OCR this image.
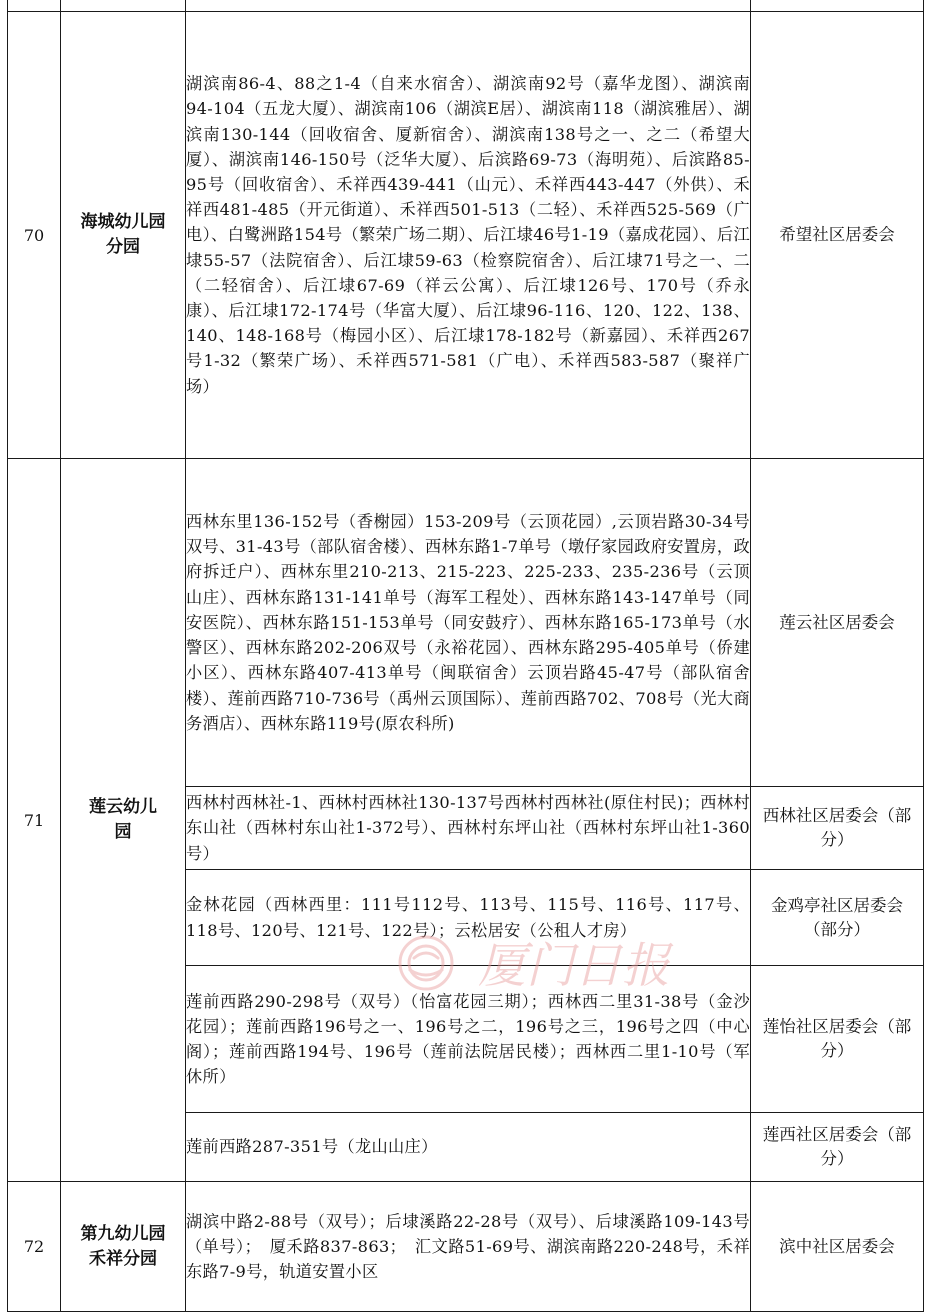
70	海城幼儿园分园	湖滨南86-4、88之1-4（自来水宿舍）、湖滨南92号（嘉华龙图）、湖滨南94-104（五龙大厦）、湖滨南106（湖滨E居）、湖滨南118（湖滨雅居）、湖滨南130-144（回收宿舍、厦新宿舍）、湖滨南138号之一、之二（希望大厦）、湖滨南146-150号（泛华大厦）、后滨路69-73（海明苑）、后滨路85-95号（回收宿舍）、禾祥西439-441（山元）、禾祥西443-447（外供）、禾祥西481-485（开元街道）、禾祥西501-513（二轻）、禾祥西525-569（广电）、白鹭洲路154号（繁荣广场二期）、后江埭46号1-19（嘉成花园）、后江埭55-57（法院宿舍）、后江埭59-63（检察院宿舍）、后江埭71号之一、二（二轻宿舍）、后江埭67-69（祥云公寓）、后江埭126号、170号（乔永康）、后江埭172-174号（华富大厦）、后江埭96-116、120、122、138、140、148-168号（梅园小区）、后江埭178-182号（新嘉园）、禾祥西267号1-32（繁荣广场）、禾祥西571-581（广电）、禾祥西583-587（聚祥广场）	希望社区居委会
71	莲云幼儿园	西林东里136-152号（香榭园）153-209号（云顶花园）,云顶岩路30-34号双号、31-43号（部队宿舍楼）、西林东路1-7单号（墩仔家园政府安置房，政府拆迁户）、西林东里210-213、215-223、225-233、235-236号（云顶山庄）、西林东路131-141单号（海军工程处）、西林东路143-147单号（同安医院）、西林东路151-153单号（同安鼓疗）、西林东路165-173单号（水警区）、西林东路202-206双号（永裕花园）、西林东路295-405单号（侨建小区）、西林东路407-413单号（闽联宿舍）云顶岩路45-47号（部队宿舍楼）、莲前西路710-736号（禹州云顶国际）、莲前西路702、708号（光大商务酒店）、西林东路119号(原农科所)	莲云社区居委会
		西林村西林社-1、西林村西林社130-137号西林村西林社(原住村民)；西林村东山社（西林村东山社1-372号）、西林村东坪山社（西林村东坪山社1-360号）	西林社区居委会（部分）

		金林花园（西林西里：111号112号、113号、115号、116号、117号、118号、120号、121号、122号）；云松居安（公租人才房）	金鸡亭社区居委会（部分）

		莲前西路290-298号（双号）（怡富花园三期）；西林西二里31-38号（金沙花园）；莲前西路196号之一、196号之二，196号之三，196号之四（中心阁）；莲前西路194号、196号（莲前法院居民楼）；西林西二里1-10号（军休所）	莲怡社区居委会（部分）

		莲前西路287-351号（龙山山庄）	莲西社区居委会（部分）

72	第九幼儿园禾祥分园	湖滨中路2-88号（双号）；后埭溪路22-28号（双号）、后埭溪路109-143号（单号）；　厦禾路837-863；　汇文路51-69号、湖滨南路220-248号，禾祥东路7-9号，轨道安置小区	滨中社区居委会
厦门日报
